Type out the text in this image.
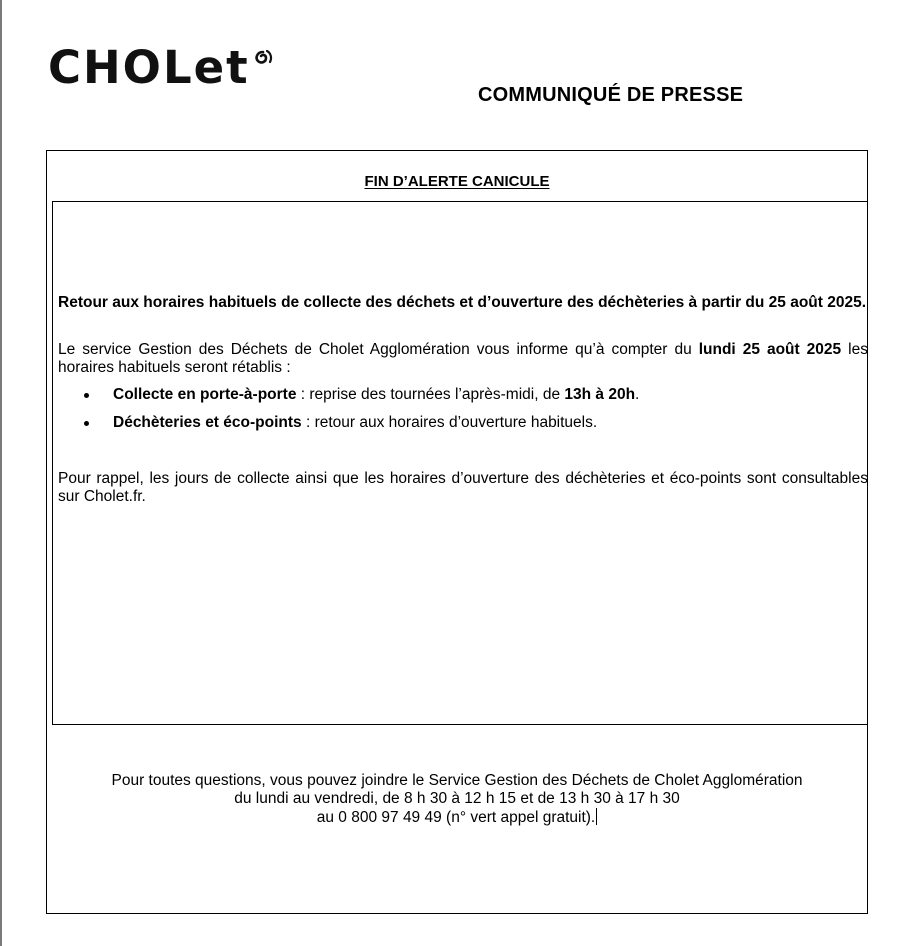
CHOLet
COMMUNIQUÉ DE PRESSE
FIN D’ALERTE CANICULE
Retour aux horaires habituels de collecte des déchets et d’ouverture des déchèteries à partir du 25 août 2025.
Le service Gestion des Déchets de Cholet Agglomération vous informe qu’à compter du lundi 25 août 2025 les horaires habituels seront rétablis :
Collecte en porte-à-porte : reprise des tournées l’après-midi, de 13h à 20h.
Déchèteries et éco-points : retour aux horaires d’ouverture habituels.
Pour rappel, les jours de collecte ainsi que les horaires d’ouverture des déchèteries et éco-points sont consultables sur Cholet.fr.
Pour toutes questions, vous pouvez joindre le Service Gestion des Déchets de Cholet Agglomération
du lundi au vendredi, de 8 h 30 à 12 h 15 et de 13 h 30 à 17 h 30
au 0 800 97 49 49 (n° vert appel gratuit).
